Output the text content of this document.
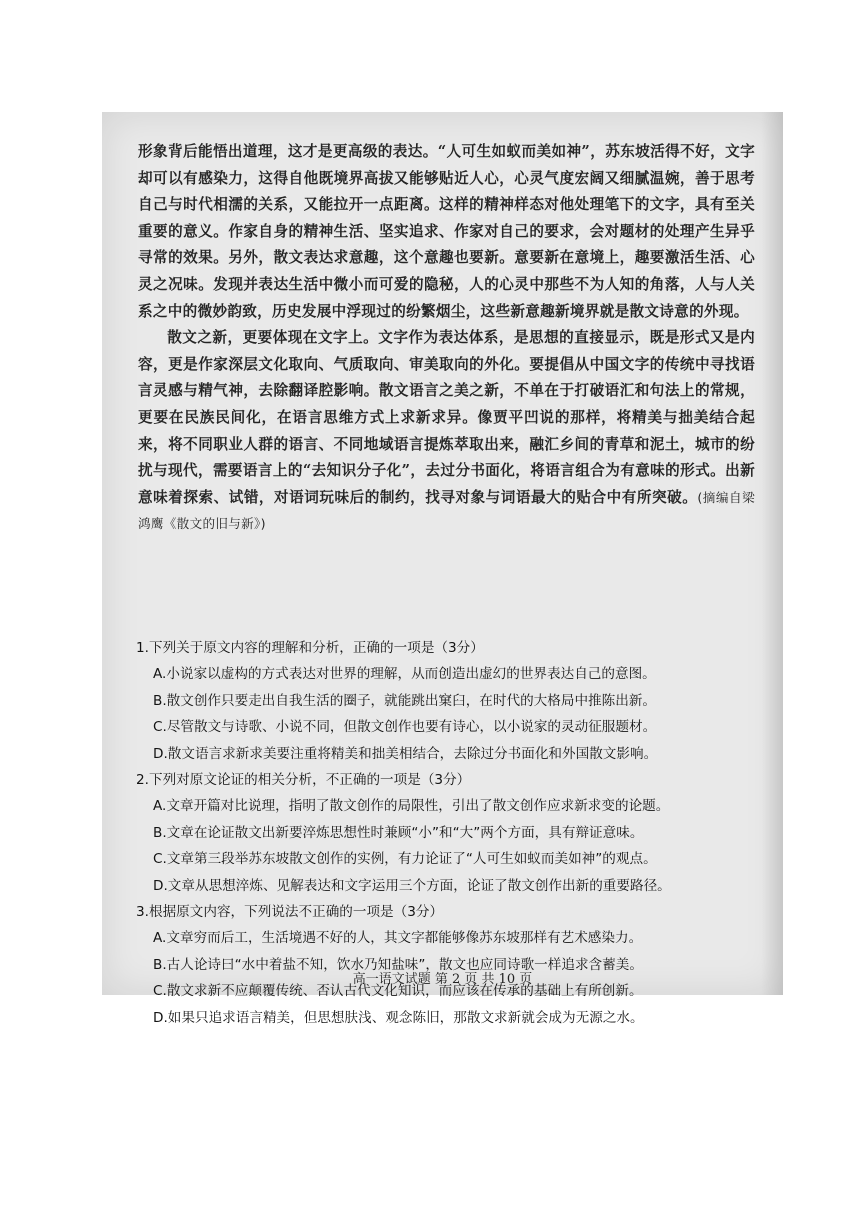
形象背后能悟出道理，这才是更高级的表达。“人可生如蚁而美如神”，苏东坡活得不好，文字却可以有感染力，这得自他既境界高拔又能够贴近人心，心灵气度宏阔又细腻温婉，善于思考自己与时代相濡的关系，又能拉开一点距离。这样的精神样态对他处理笔下的文字，具有至关重要的意义。作家自身的精神生活、坚实追求、作家对自己的要求，会对题材的处理产生异乎寻常的效果。另外，散文表达求意趣，这个意趣也要新。意要新在意境上，趣要激活生活、心灵之况味。发现并表达生活中微小而可爱的隐秘，人的心灵中那些不为人知的角落，人与人关系之中的微妙韵致，历史发展中浮现过的纷繁烟尘，这些新意趣新境界就是散文诗意的外现。

散文之新，更要体现在文字上。文字作为表达体系，是思想的直接显示，既是形式又是内容，更是作家深层文化取向、气质取向、审美取向的外化。要提倡从中国文字的传统中寻找语言灵感与精气神，去除翻译腔影响。散文语言之美之新，不单在于打破语汇和句法上的常规，更要在民族民间化，在语言思维方式上求新求异。像贾平凹说的那样，将精美与拙美结合起来，将不同职业人群的语言、不同地域语言提炼萃取出来，融汇乡间的青草和泥土，城市的纷扰与现代，需要语言上的“去知识分子化”，去过分书面化，将语言组合为有意味的形式。出新意味着探索、试错，对语词玩味后的制约，找寻对象与词语最大的贴合中有所突破。(摘编自梁鸿鹰《散文的旧与新》)

1.下列关于原文内容的理解和分析，正确的一项是（3分）
A.小说家以虚构的方式表达对世界的理解，从而创造出虚幻的世界表达自己的意图。
B.散文创作只要走出自我生活的圈子，就能跳出窠臼，在时代的大格局中推陈出新。
C.尽管散文与诗歌、小说不同，但散文创作也要有诗心，以小说家的灵动征服题材。
D.散文语言求新求美要注重将精美和拙美相结合，去除过分书面化和外国散文影响。
2.下列对原文论证的相关分析，不正确的一项是（3分）
A.文章开篇对比说理，指明了散文创作的局限性，引出了散文创作应求新求变的论题。
B.文章在论证散文出新要淬炼思想性时兼顾“小”和“大”两个方面，具有辩证意味。
C.文章第三段举苏东坡散文创作的实例，有力论证了“人可生如蚁而美如神”的观点。
D.文章从思想淬炼、见解表达和文字运用三个方面，论证了散文创作出新的重要路径。
3.根据原文内容，下列说法不正确的一项是（3分）
A.文章穷而后工，生活境遇不好的人，其文字都能够像苏东坡那样有艺术感染力。
B.古人论诗曰“水中着盐不知，饮水乃知盐味”，散文也应同诗歌一样追求含蓄美。
C.散文求新不应颠覆传统、否认古代文化知识，而应该在传承的基础上有所创新。
D.如果只追求语言精美，但思想肤浅、观念陈旧，那散文求新就会成为无源之水。
高一语文试题 第 2 页 共 10 页
